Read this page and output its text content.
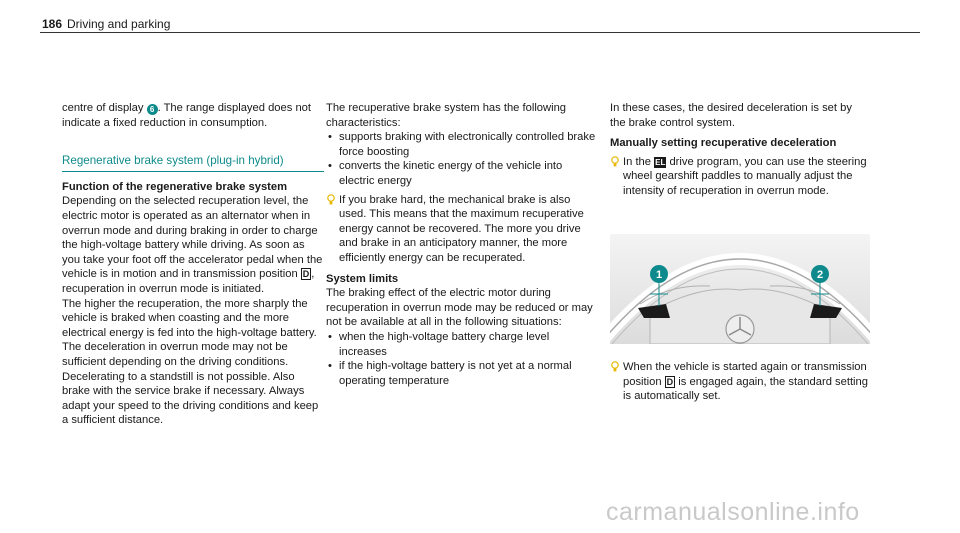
186 Driving and parking

centre of display 6 . The range displayed does not indicate a fixed reduction in consumption.

Regenerative brake system (plug-in hybrid)

Function of the regenerative brake system

Depending on the selected recuperation level, the electric motor is operated as an alternator when in overrun mode and during braking in order to charge the high-voltage battery while driving. As soon as you take your foot off the accelerator pedal when the vehicle is in motion and in transmission position D , recuperation in overrun mode is initiated.

The higher the recuperation, the more sharply the vehicle is braked when coasting and the more electrical energy is fed into the high-voltage battery.

The deceleration in overrun mode may not be sufficient depending on the driving conditions. Decelerating to a standstill is not possible. Also brake with the service brake if necessary. Always adapt your speed to the driving conditions and keep a sufficient distance.

The recuperative brake system has the following characteristics:

• supports braking with electronically controlled brake force boosting
• converts the kinetic energy of the vehicle into electric energy

If you brake hard, the mechanical brake is also used. This means that the maximum recuperative energy cannot be recovered. The more you drive and brake in an anticipatory manner, the more efficiently energy can be recuperated.

System limits

The braking effect of the electric motor during recuperation in overrun mode may be reduced or may not be available at all in the following situations:

• when the high-voltage battery charge level increases
• if the high-voltage battery is not yet at a normal operating temperature

In these cases, the desired deceleration is set by the brake control system.

Manually setting recuperative deceleration

In the EL drive program, you can use the steering wheel gearshift paddles to manually adjust the intensity of recuperation in overrun mode.

1	2

When the vehicle is started again or transmission position D is engaged again, the standard setting is automatically set.

carmanualsonline.info
